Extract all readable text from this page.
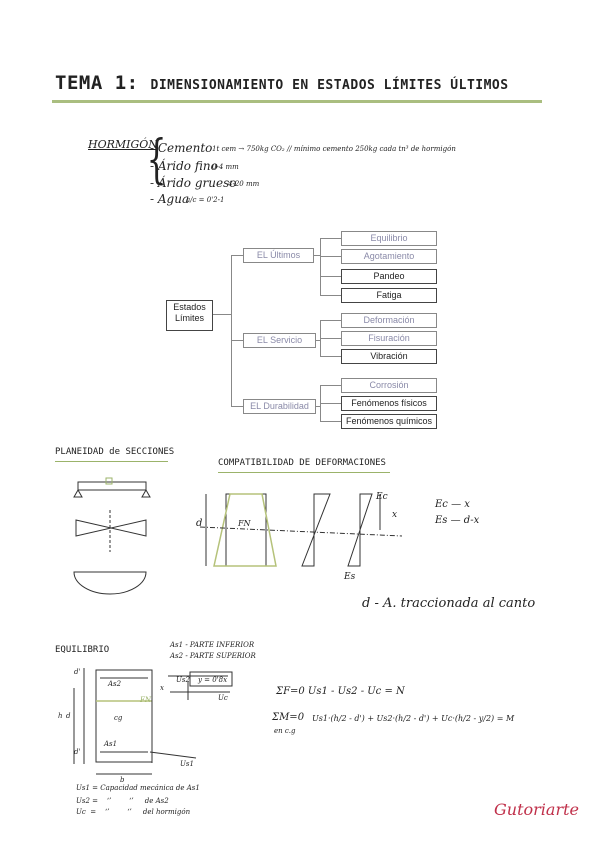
TEMA 1: DIMENSIONAMIENTO EN ESTADOS LÍMITES ÚLTIMOS
HORMIGÓN
{
- Cemento
- Árido fino
- Árido grueso
- Agua
1t cem → 750kg CO₂ // mínimo cemento 250kg cada tn³ de hormigón
0-4 mm
4-20 mm
a/c = 0'2-1
Estados
Límites
EL Últimos
EL Servicio
EL Durabilidad
Equilibrio
Agotamiento
Pandeo
Fatiga
Deformación
Fisuración
Vibración
Corrosión
Fenómenos físicos
Fenómenos químicos
PLANEIDAD de SECCIONES
COMPATIBILIDAD DE DEFORMACIONES
d	FN
x
Ec
Es
Ec — x
Es — d-x
d - A. traccionada al canto
EQUILIBRIO	As1 - PARTE INFERIOR
As2 - PARTE SUPERIOR
d'
d
h
d'
b
As2
As1
cg
FN
x
y = 0'8x
Us2
Uc
Us1
ΣF=0 Us1 - Us2 - Uc = N
ΣM=0
en c.g
Us1·(h/2 - d') + Us2·(h/2 - d') + Uc·(h/2 - y/2) = M
Us1 = Capacidad mecánica de As1
Us2 =    ‘’        ‘’     de As2
Uc  =    ‘’        ‘’     del hormigón	Gutoriarte
